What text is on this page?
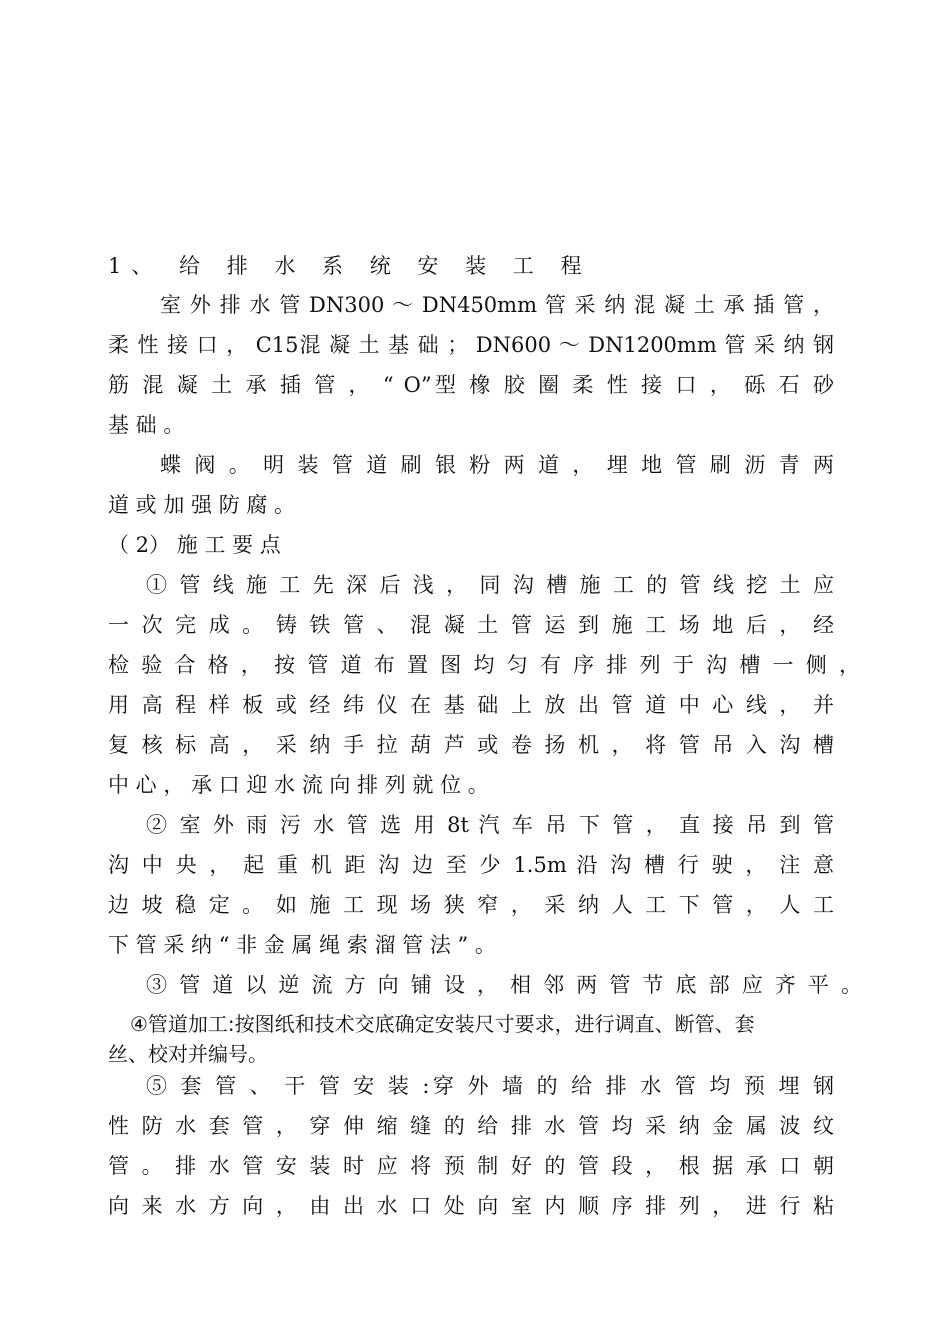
1、 给 排 水 系 统 安 装 工 程
室 外 排 水 管 DN300 ～ DN450mm 管 采 纳 混 凝 土 承 插 管 ，
柔 性 接 口 ， C15混 凝 土 基 础 ； DN600 ～ DN1200mm 管 采 纳 钢
筋 混 凝 土 承 插 管 ， “ O”型 橡 胶 圈 柔 性 接 口 ， 砾 石 砂
基 础 。
蝶 阀 。 明 装 管 道 刷 银 粉 两 道 ， 埋 地 管 刷 沥 青 两
道 或 加 强 防 腐 。
（ 2） 施 工 要 点
① 管 线 施 工 先 深 后 浅 ， 同 沟 槽 施 工 的 管 线 挖 土 应
一 次 完 成 。 铸 铁 管 、 混 凝 土 管 运 到 施 工 场 地 后 ， 经
检 验 合 格 ， 按 管 道 布 置 图 均 匀 有 序 排 列 于 沟 槽 一 侧 ，
用 高 程 样 板 或 经 纬 仪 在 基 础 上 放 出 管 道 中 心 线 ， 并
复 核 标 高 ， 采 纳 手 拉 葫 芦 或 卷 扬 机 ， 将 管 吊 入 沟 槽
中 心 ， 承 口 迎 水 流 向 排 列 就 位 。
② 室 外 雨 污 水 管 选 用 8t 汽 车 吊 下 管 ， 直 接 吊 到 管
沟 中 央 ， 起 重 机 距 沟 边 至 少 1.5m 沿 沟 槽 行 驶 ， 注 意
边 坡 稳 定 。 如 施 工 现 场 狭 窄 ， 采 纳 人 工 下 管 ， 人 工
下 管 采 纳 “ 非 金 属 绳 索 溜 管 法 ” 。
③ 管 道 以 逆 流 方 向 铺 设 ， 相 邻 两 管 节 底 部 应 齐 平 。
④管道加工:按图纸和技术交底确定安装尺寸要求，进行调直、断管、套
丝、校对并编号。
⑤ 套 管 、 干 管 安 装 :穿 外 墙 的 给 排 水 管 均 预 埋 钢
性 防 水 套 管 ， 穿 伸 缩 缝 的 给 排 水 管 均 采 纳 金 属 波 纹
管 。 排 水 管 安 装 时 应 将 预 制 好 的 管 段 ， 根 据 承 口 朝
向 来 水 方 向 ， 由 出 水 口 处 向 室 内 顺 序 排 列 ， 进 行 粘
